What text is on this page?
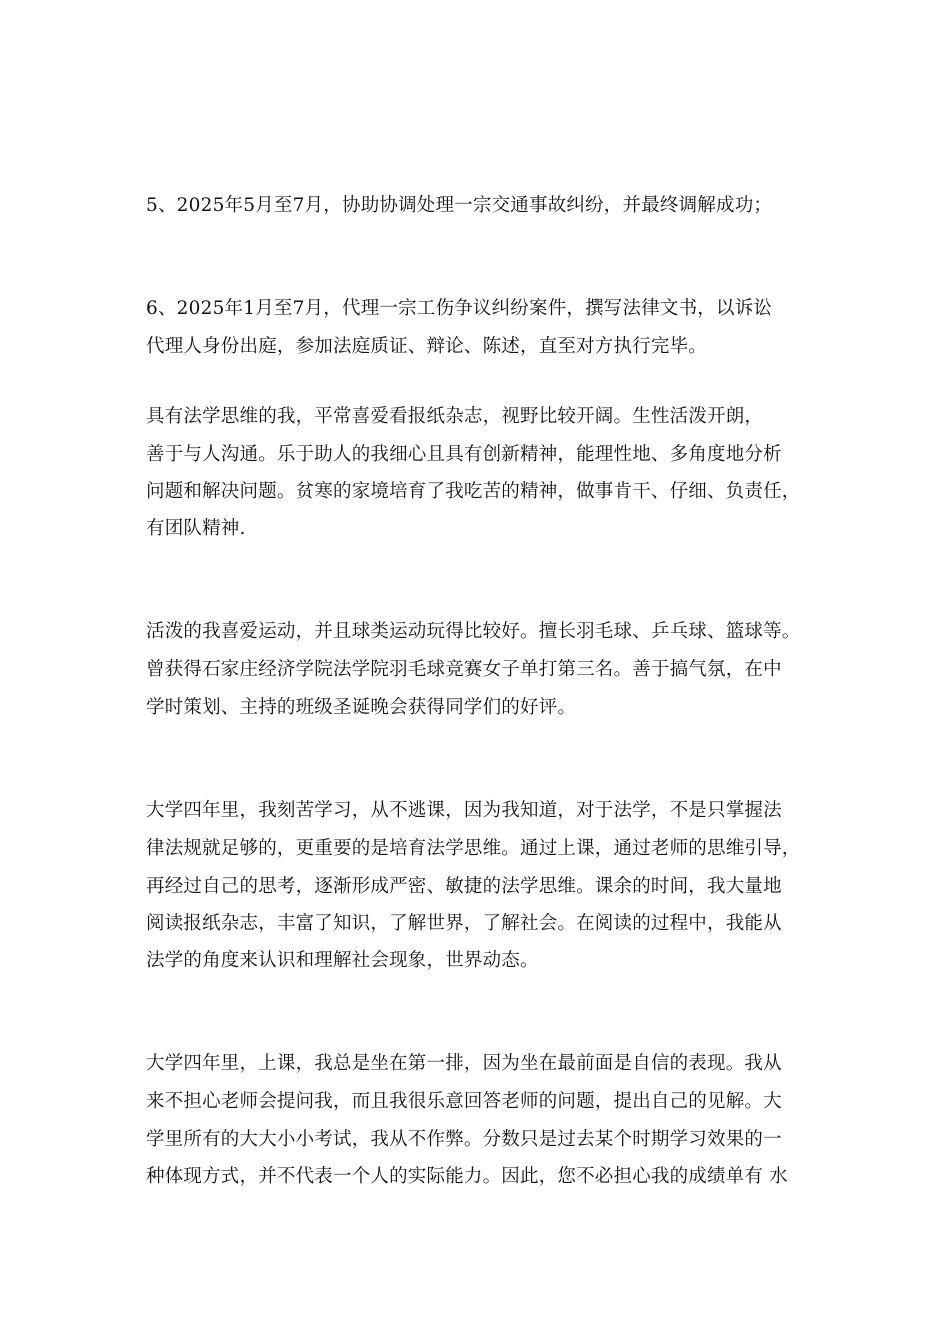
5、2025年5月至7月，协助协调处理一宗交通事故纠纷，并最终调解成功；
6、2025年1月至7月，代理一宗工伤争议纠纷案件，撰写法律文书，以诉讼
代理人身份出庭，参加法庭质证、辩论、陈述，直至对方执行完毕。
具有法学思维的我，平常喜爱看报纸杂志，视野比较开阔。生性活泼开朗，
善于与人沟通。乐于助人的我细心且具有创新精神，能理性地、多角度地分析
问题和解决问题。贫寒的家境培育了我吃苦的精神，做事肯干、仔细、负责任，
有团队精神.
活泼的我喜爱运动，并且球类运动玩得比较好。擅长羽毛球、乒乓球、篮球等。
曾获得石家庄经济学院法学院羽毛球竞赛女子单打第三名。善于搞气氛，在中
学时策划、主持的班级圣诞晚会获得同学们的好评。
大学四年里，我刻苦学习，从不逃课，因为我知道，对于法学，不是只掌握法
律法规就足够的，更重要的是培育法学思维。通过上课，通过老师的思维引导，
再经过自己的思考，逐渐形成严密、敏捷的法学思维。课余的时间，我大量地
阅读报纸杂志，丰富了知识，了解世界，了解社会。在阅读的过程中，我能从
法学的角度来认识和理解社会现象，世界动态。
大学四年里，上课，我总是坐在第一排，因为坐在最前面是自信的表现。我从
来不担心老师会提问我，而且我很乐意回答老师的问题，提出自己的见解。大
学里所有的大大小小考试，我从不作弊。分数只是过去某个时期学习效果的一
种体现方式，并不代表一个人的实际能力。因此，您不必担心我的成绩单有 水
